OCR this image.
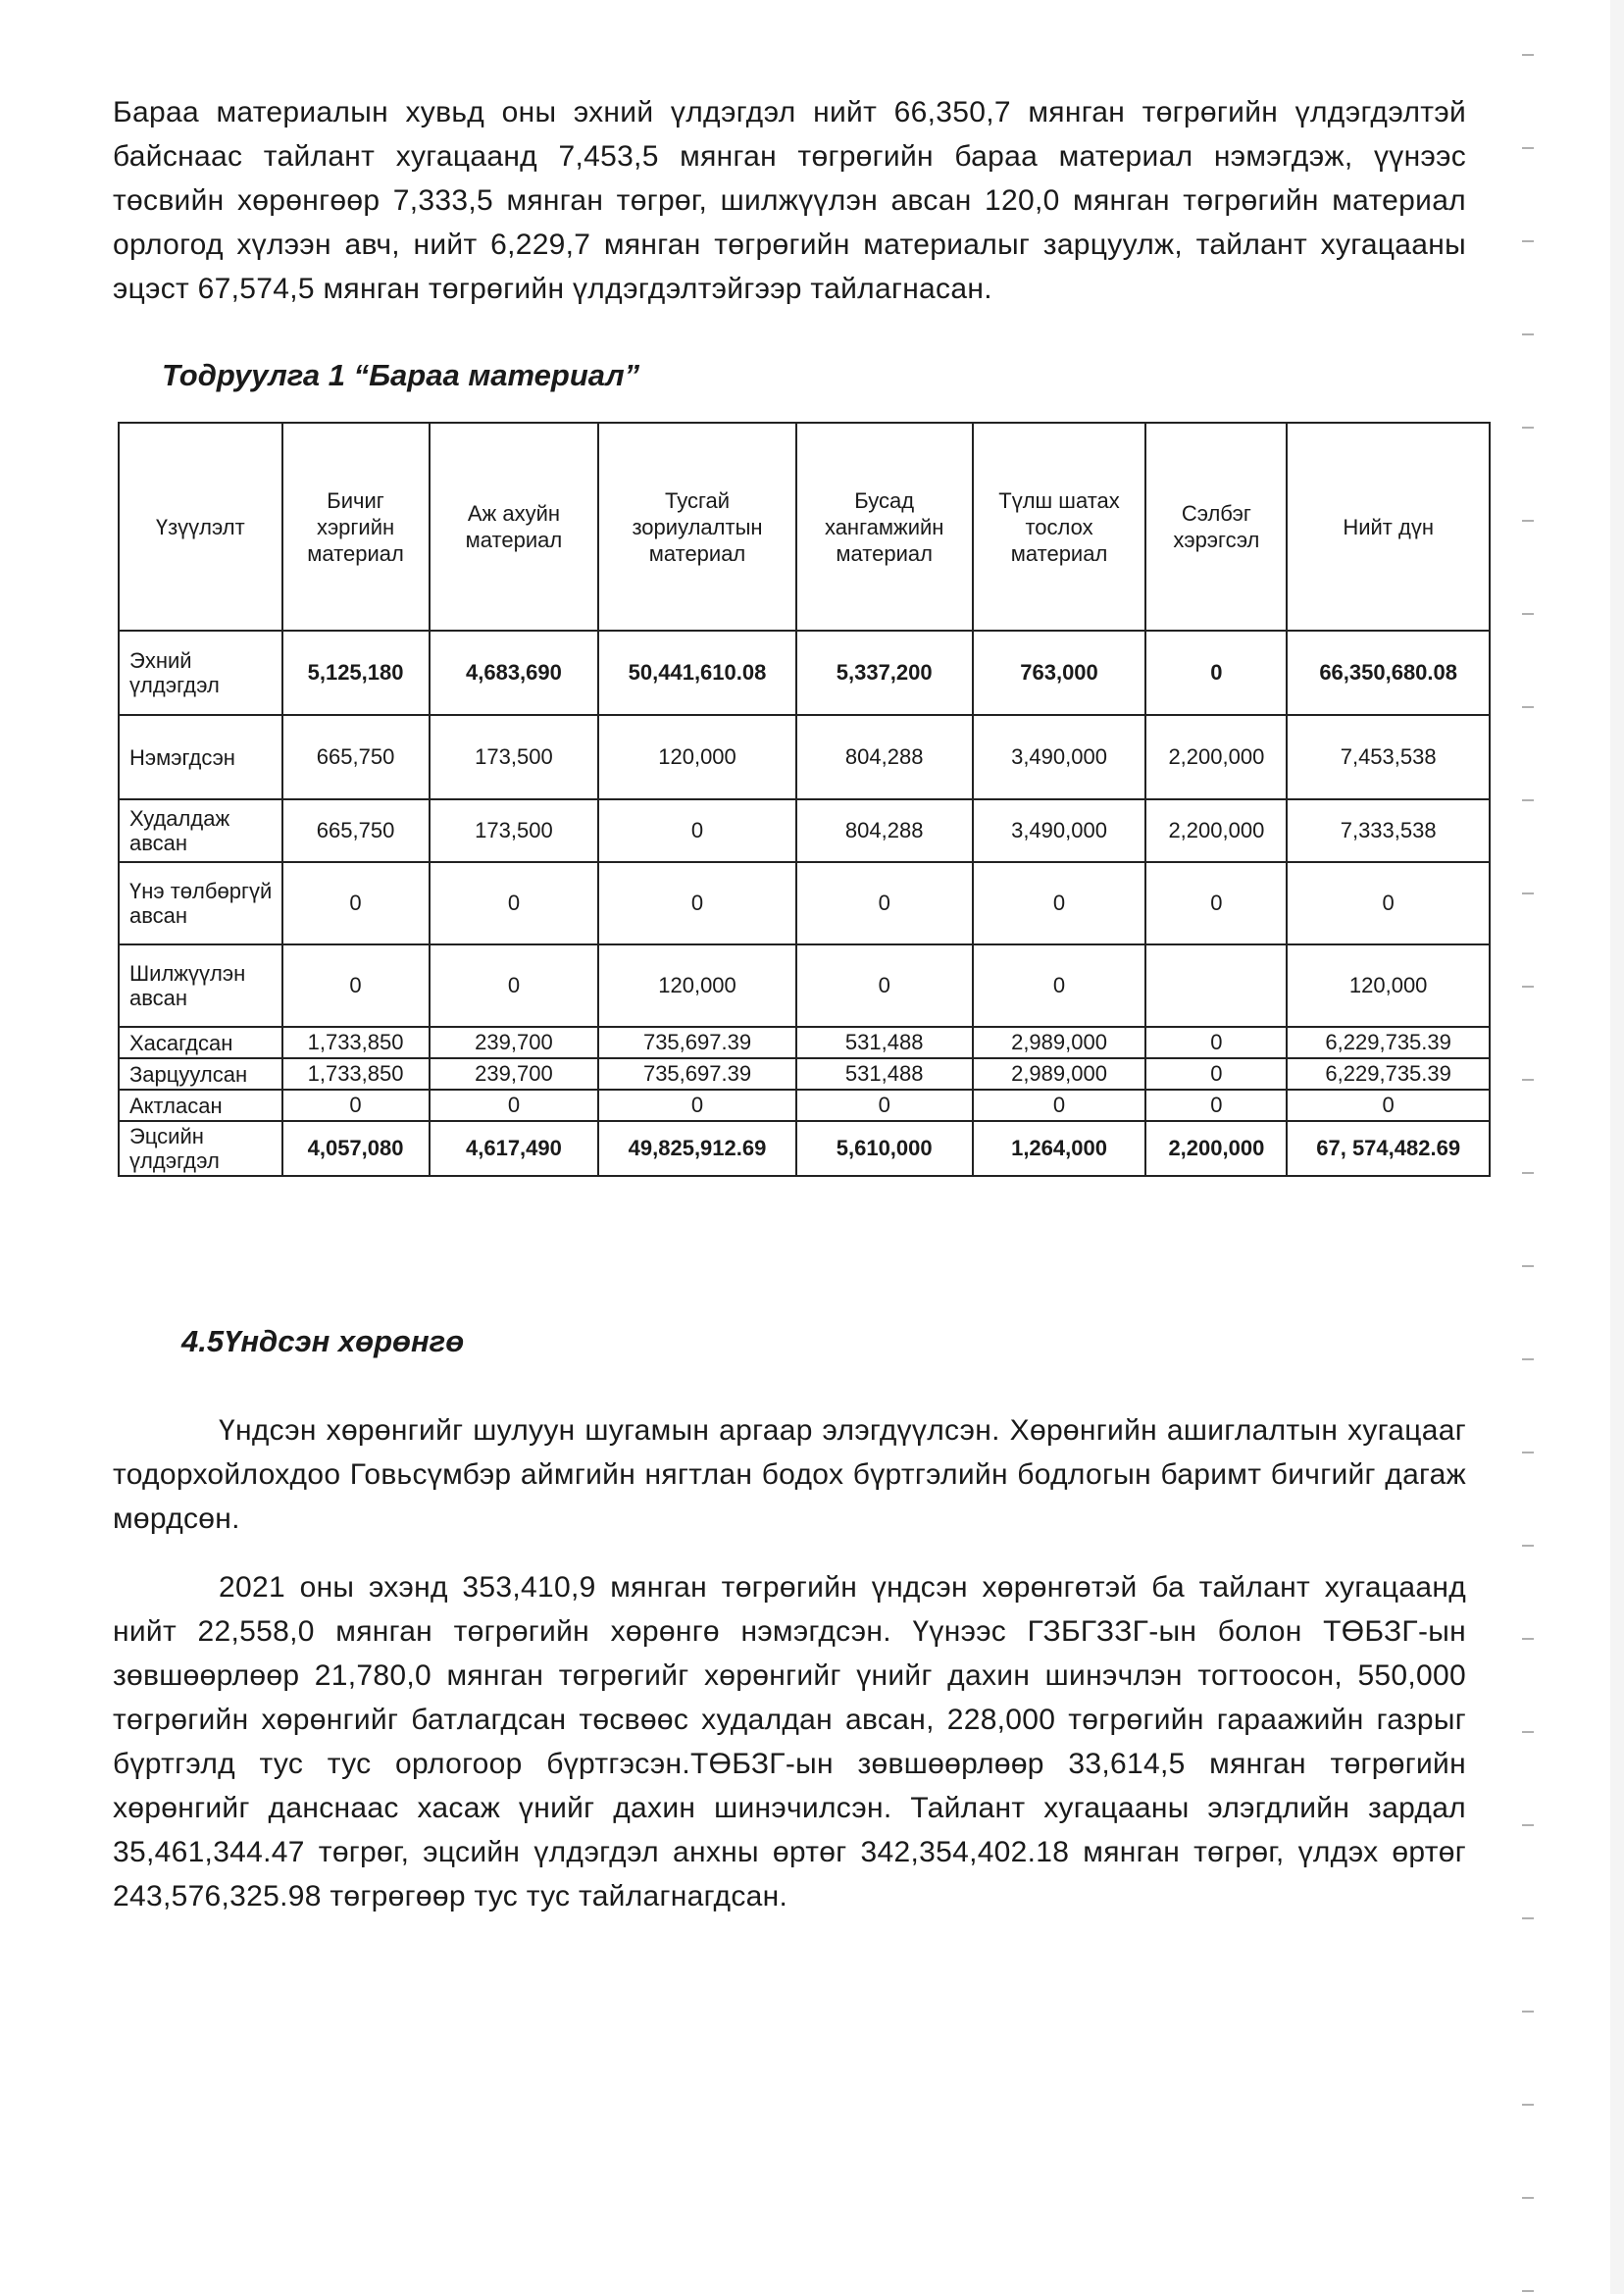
Бараа материалын хувьд оны эхний үлдэгдэл нийт 66,350,7 мянган төгрөгийн үлдэгдэлтэй байснаас тайлант хугацаанд 7,453,5 мянган төгрөгийн бараа материал нэмэгдэж, үүнээс төсвийн хөрөнгөөр 7,333,5 мянган төгрөг, шилжүүлэн авсан 120,0 мянган төгрөгийн материал орлогод хүлээн авч, нийт 6,229,7 мянган төгрөгийн материалыг зарцуулж, тайлант хугацааны эцэст 67,574,5 мянган төгрөгийн үлдэгдэлтэйгээр тайлагнасан.

Тодруулга 1 “Бараа материал”
Үзүүлэлт	Бичиг хэргийн материал	Аж ахуйн материал	Тусгай зориулалтын материал	Бусад хангамжийн материал	Түлш шатах тослох материал	Сэлбэг хэрэгсэл	Нийт дүн
Эхний үлдэгдэл	5,125,180	4,683,690	50,441,610.08	5,337,200	763,000	0	66,350,680.08
Нэмэгдсэн	665,750	173,500	120,000	804,288	3,490,000	2,200,000	7,453,538
Худалдаж авсан	665,750	173,500	0	804,288	3,490,000	2,200,000	7,333,538
Үнэ төлбөргүй авсан	0	0	0	0	0	0	0
Шилжүүлэн авсан	0	0	120,000	0	0		120,000
Хасагдсан	1,733,850	239,700	735,697.39	531,488	2,989,000	0	6,229,735.39
Зарцуулсан	1,733,850	239,700	735,697.39	531,488	2,989,000	0	6,229,735.39
Актласан	0	0	0	0	0	0	0
Эцсийн үлдэгдэл	4,057,080	4,617,490	49,825,912.69	5,610,000	1,264,000	2,200,000	67, 574,482.69
4.5Үндсэн хөрөнгө

Үндсэн хөрөнгийг шулуун шугамын аргаар элэгдүүлсэн. Хөрөнгийн ашиглалтын хугацааг тодорхойлохдоо Говьсүмбэр аймгийн нягтлан бодох бүртгэлийн бодлогын баримт бичгийг дагаж мөрдсөн.

2021 оны эхэнд 353,410,9 мянган төгрөгийн үндсэн хөрөнгөтэй ба тайлант хугацаанд нийт 22,558,0 мянган төгрөгийн хөрөнгө нэмэгдсэн. Үүнээс ГЗБГЗЗГ-ын болон ТӨБЗГ-ын зөвшөөрлөөр 21,780,0 мянган төгрөгийг хөрөнгийг үнийг дахин шинэчлэн тогтоосон, 550,000 төгрөгийн хөрөнгийг батлагдсан төсвөөс худалдан авсан, 228,000 төгрөгийн гараажийн газрыг бүртгэлд тус тус орлогоор бүртгэсэн.ТӨБЗГ-ын зөвшөөрлөөр 33,614,5 мянган төгрөгийн хөрөнгийг данснаас хасаж үнийг дахин шинэчилсэн. Тайлант хугацааны элэгдлийн зардал 35,461,344.47 төгрөг, эцсийн үлдэгдэл анхны өртөг 342,354,402.18 мянган төгрөг, үлдэх өртөг 243,576,325.98 төгрөгөөр тус тус тайлагнагдсан.
